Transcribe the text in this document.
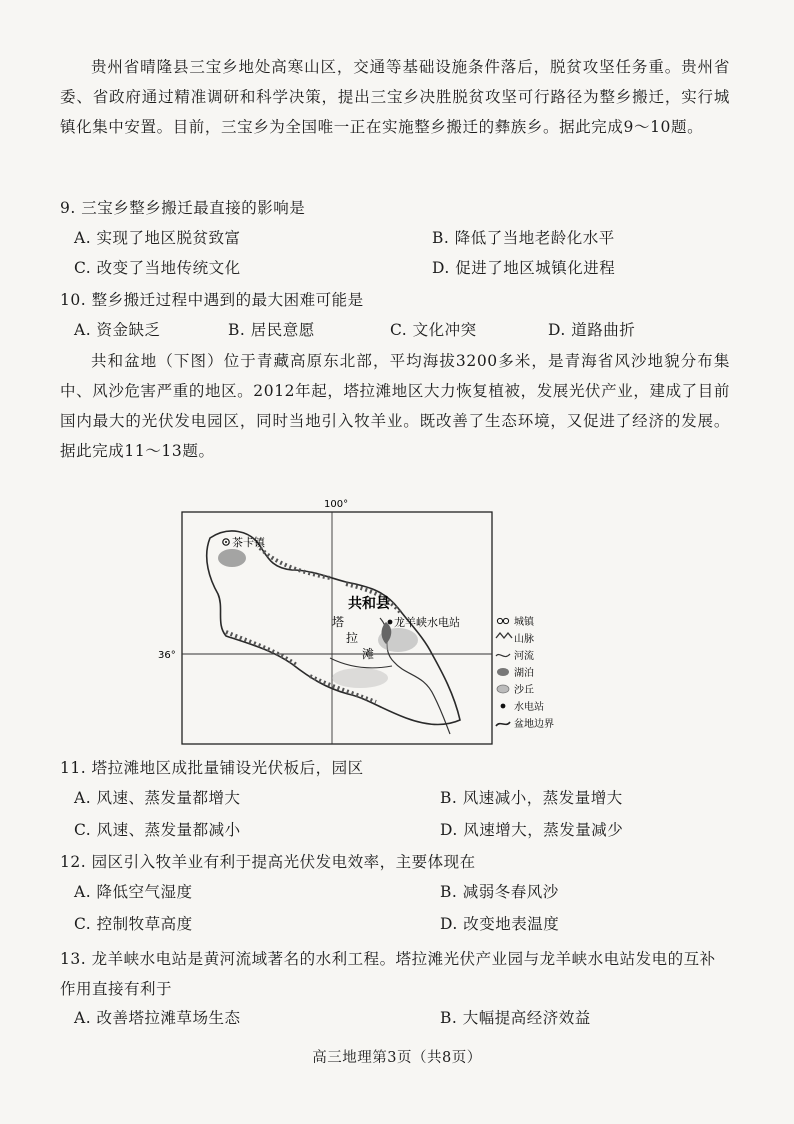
贵州省晴隆县三宝乡地处高寒山区，交通等基础设施条件落后，脱贫攻坚任务重。贵州省委、省政府通过精准调研和科学决策，提出三宝乡决胜脱贫攻坚可行路径为整乡搬迁，实行城镇化集中安置。目前，三宝乡为全国唯一正在实施整乡搬迁的彝族乡。据此完成9～10题。
9. 三宝乡整乡搬迁最直接的影响是
A. 实现了地区脱贫致富	B. 降低了当地老龄化水平
C. 改变了当地传统文化	D. 促进了地区城镇化进程
10. 整乡搬迁过程中遇到的最大困难可能是
A. 资金缺乏	B. 居民意愿	C. 文化冲突	D. 道路曲折
共和盆地（下图）位于青藏高原东北部，平均海拔3200多米，是青海省风沙地貌分布集中、风沙危害严重的地区。2012年起，塔拉滩地区大力恢复植被，发展光伏产业，建成了目前国内最大的光伏发电园区，同时当地引入牧羊业。既改善了生态环境，又促进了经济的发展。据此完成11～13题。
100°
36°
茶卡镇
共和县
塔
拉
滩
龙羊峡水电站	城镇
山脉
河流
湖泊
沙丘
水电站
盆地边界
11. 塔拉滩地区成批量铺设光伏板后，园区
A. 风速、蒸发量都增大	B. 风速减小，蒸发量增大
C. 风速、蒸发量都减小	D. 风速增大，蒸发量减少
12. 园区引入牧羊业有利于提高光伏发电效率，主要体现在
A. 降低空气湿度	B. 减弱冬春风沙
C. 控制牧草高度	D. 改变地表温度
13. 龙羊峡水电站是黄河流域著名的水利工程。塔拉滩光伏产业园与龙羊峡水电站发电的互补作用直接有利于
A. 改善塔拉滩草场生态	B. 大幅提高经济效益
高三地理第3页（共8页）
